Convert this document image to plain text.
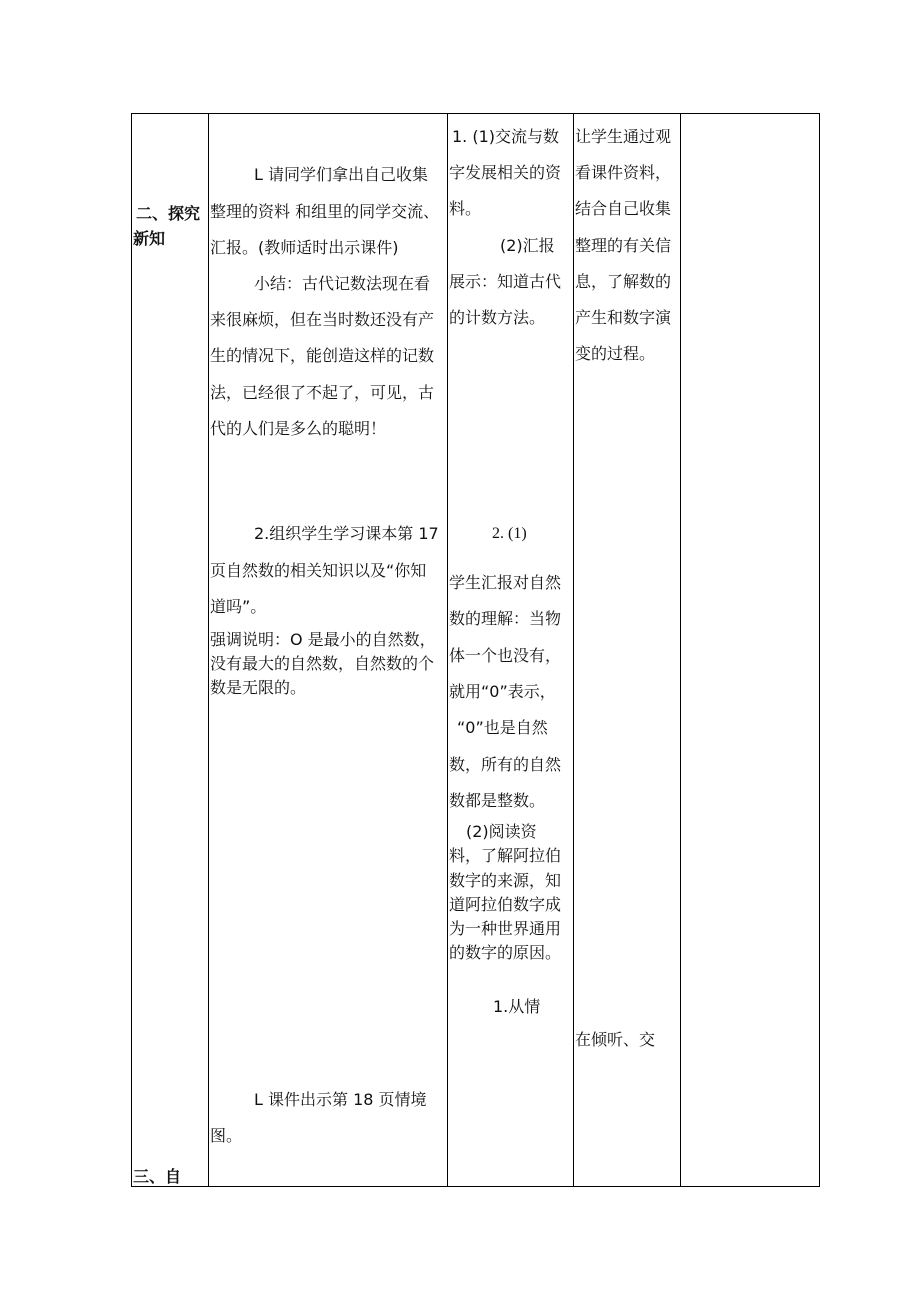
二、探究
新知
三、自
L 请同学们拿出自己收集
整理的资料 和组里的同学交流、
汇报。(教师适时出示课件)
小结：古代记数法现在看
来很麻烦，但在当时数还没有产
生的情况下，能创造这样的记数
法，已经很了不起了，可见，古
代的人们是多么的聪明！
2.组织学生学习课本第 17
页自然数的相关知识以及“你知
道吗”。
强调说明：O 是最小的自然数，
没有最大的自然数，自然数的个
数是无限的。
L 课件出示第 18 页情境
图。
1. (1)交流与数
字发展相关的资
料。
(2)汇报
展示：知道古代
的计数方法。
2. (1)
学生汇报对自然
数的理解：当物
体一个也没有，
就用“0”表示，
“0”也是自然
数，所有的自然
数都是整数。
(2)阅读资
料，了解阿拉伯
数字的来源，知
道阿拉伯数字成
为一种世界通用
的数字的原因。
1.从情
让学生通过观
看课件资料，
结合自己收集
整理的有关信
息，了解数的
产生和数字演
变的过程。
在倾听、交
